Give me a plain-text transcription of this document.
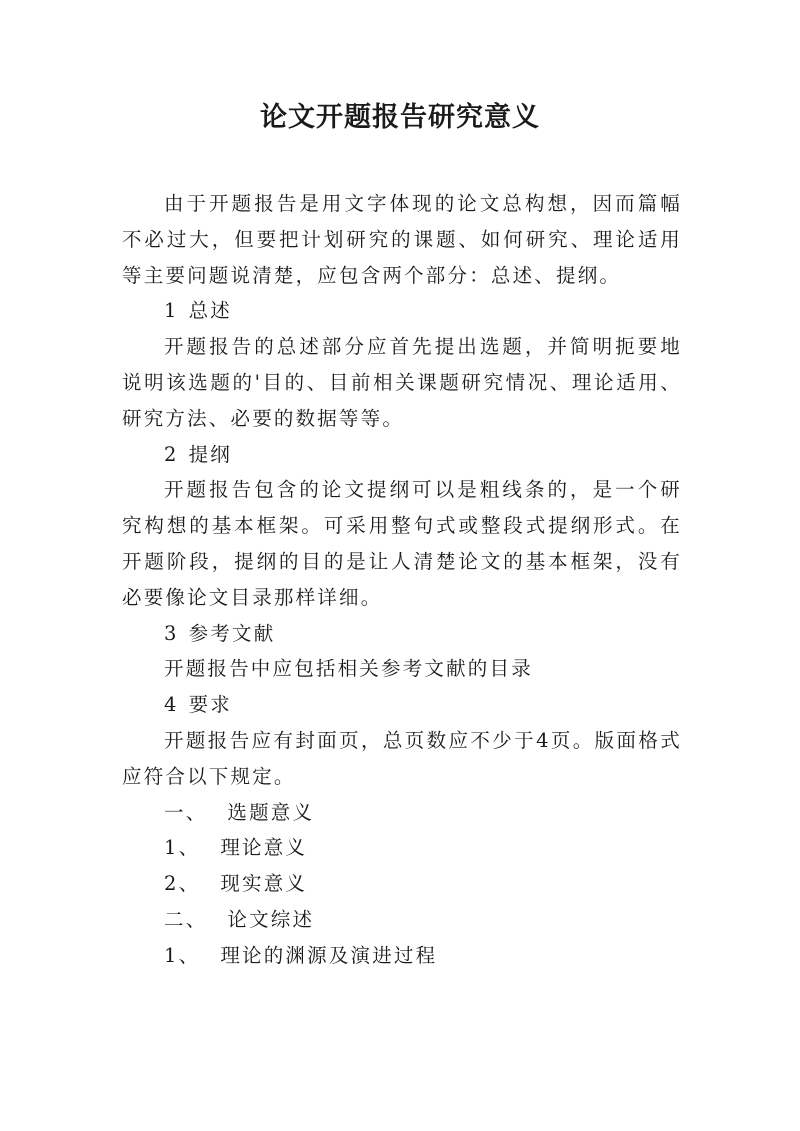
论文开题报告研究意义

由于开题报告是用文字体现的论文总构想，因而篇幅不必过大，但要把计划研究的课题、如何研究、理论适用等主要问题说清楚，应包含两个部分：总述、提纲。

1 总述

开题报告的总述部分应首先提出选题，并简明扼要地说明该选题的'目的、目前相关课题研究情况、理论适用、研究方法、必要的数据等等。

2 提纲

开题报告包含的论文提纲可以是粗线条的，是一个研究构想的基本框架。可采用整句式或整段式提纲形式。在开题阶段，提纲的目的是让人清楚论文的基本框架，没有必要像论文目录那样详细。

3 参考文献

开题报告中应包括相关参考文献的目录

4 要求

开题报告应有封面页，总页数应不少于4页。版面格式应符合以下规定。

一、 选题意义

1、 理论意义

2、 现实意义

二、 论文综述

1、 理论的渊源及演进过程
